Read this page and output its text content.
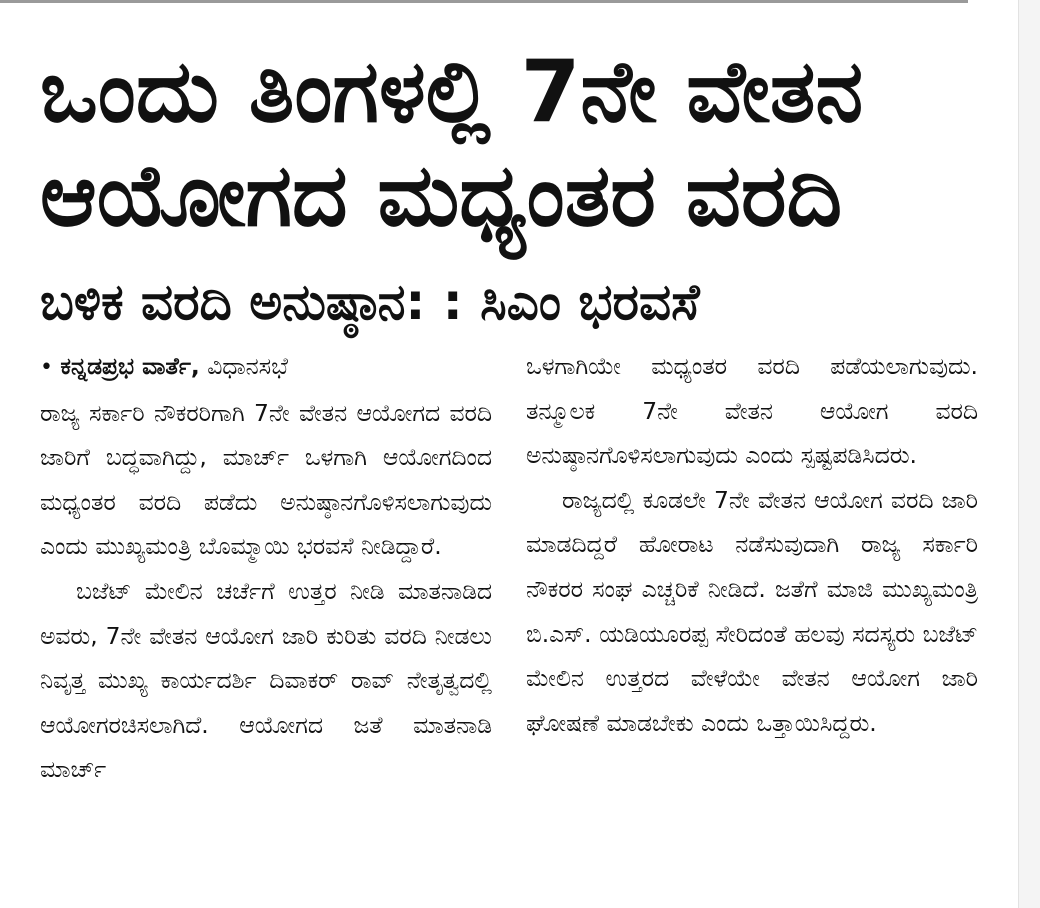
ಒಂದು ತಿಂಗಳಲ್ಲಿ 7ನೇ ವೇತನ
ಆಯೋಗದ ಮಧ್ಯಂತರ ವರದಿ
ಬಳಿಕ ವರದಿ ಅನುಷ್ಠಾನ: : ಸಿಎಂ ಭರವಸೆ
• ಕನ್ನಡಪ್ರಭ ವಾರ್ತೆ, ವಿಧಾನಸಭೆ

ರಾಜ್ಯ ಸರ್ಕಾರಿ ನೌಕರರಿಗಾಗಿ 7ನೇ ವೇತನ ಆಯೋಗದ ವರದಿ ಜಾರಿಗೆ ಬದ್ಧವಾಗಿದ್ದು, ಮಾರ್ಚ್ ಒಳಗಾಗಿ ಆಯೋಗದಿಂದ ಮಧ್ಯಂತರ ವರದಿ ಪಡೆದು ಅನುಷ್ಠಾನಗೊಳಿಸಲಾಗುವುದು ಎಂದು ಮುಖ್ಯಮಂತ್ರಿ ಬೊಮ್ಮಾಯಿ ಭರವಸೆ ನೀಡಿದ್ದಾರೆ.

ಬಜೆಟ್ ಮೇಲಿನ ಚರ್ಚೆಗೆ ಉತ್ತರ ನೀಡಿ ಮಾತನಾಡಿದ ಅವರು, 7ನೇ ವೇತನ ಆಯೋಗ ಜಾರಿ ಕುರಿತು ವರದಿ ನೀಡಲು ನಿವೃತ್ತ ಮುಖ್ಯ ಕಾರ್ಯದರ್ಶಿ ದಿವಾಕರ್ ರಾವ್ ನೇತೃತ್ವದಲ್ಲಿ ಆಯೋಗರಚಿಸಲಾಗಿದೆ. ಆಯೋಗದ ಜತೆ ಮಾತನಾಡಿ ಮಾರ್ಚ್

ಒಳಗಾಗಿಯೇ ಮಧ್ಯಂತರ ವರದಿ ಪಡೆಯಲಾಗುವುದು. ತನ್ಮೂಲಕ 7ನೇ ವೇತನ ಆಯೋಗ ವರದಿ ಅನುಷ್ಠಾನಗೊಳಿಸಲಾಗುವುದು ಎಂದು ಸ್ಪಷ್ಟಪಡಿಸಿದರು.

ರಾಜ್ಯದಲ್ಲಿ ಕೂಡಲೇ 7ನೇ ವೇತನ ಆಯೋಗ ವರದಿ ಜಾರಿ ಮಾಡದಿದ್ದರೆ ಹೋರಾಟ ನಡೆಸುವುದಾಗಿ ರಾಜ್ಯ ಸರ್ಕಾರಿ ನೌಕರರ ಸಂಘ ಎಚ್ಚರಿಕೆ ನೀಡಿದೆ. ಜತೆಗೆ ಮಾಜಿ ಮುಖ್ಯಮಂತ್ರಿ ಬಿ.ಎಸ್. ಯಡಿಯೂರಪ್ಪ ಸೇರಿದಂತೆ ಹಲವು ಸದಸ್ಯರು ಬಜೆಟ್ ಮೇಲಿನ ಉತ್ತರದ ವೇಳೆಯೇ ವೇತನ ಆಯೋಗ ಜಾರಿ ಘೋಷಣೆ ಮಾಡಬೇಕು ಎಂದು ಒತ್ತಾಯಿಸಿದ್ದರು.
